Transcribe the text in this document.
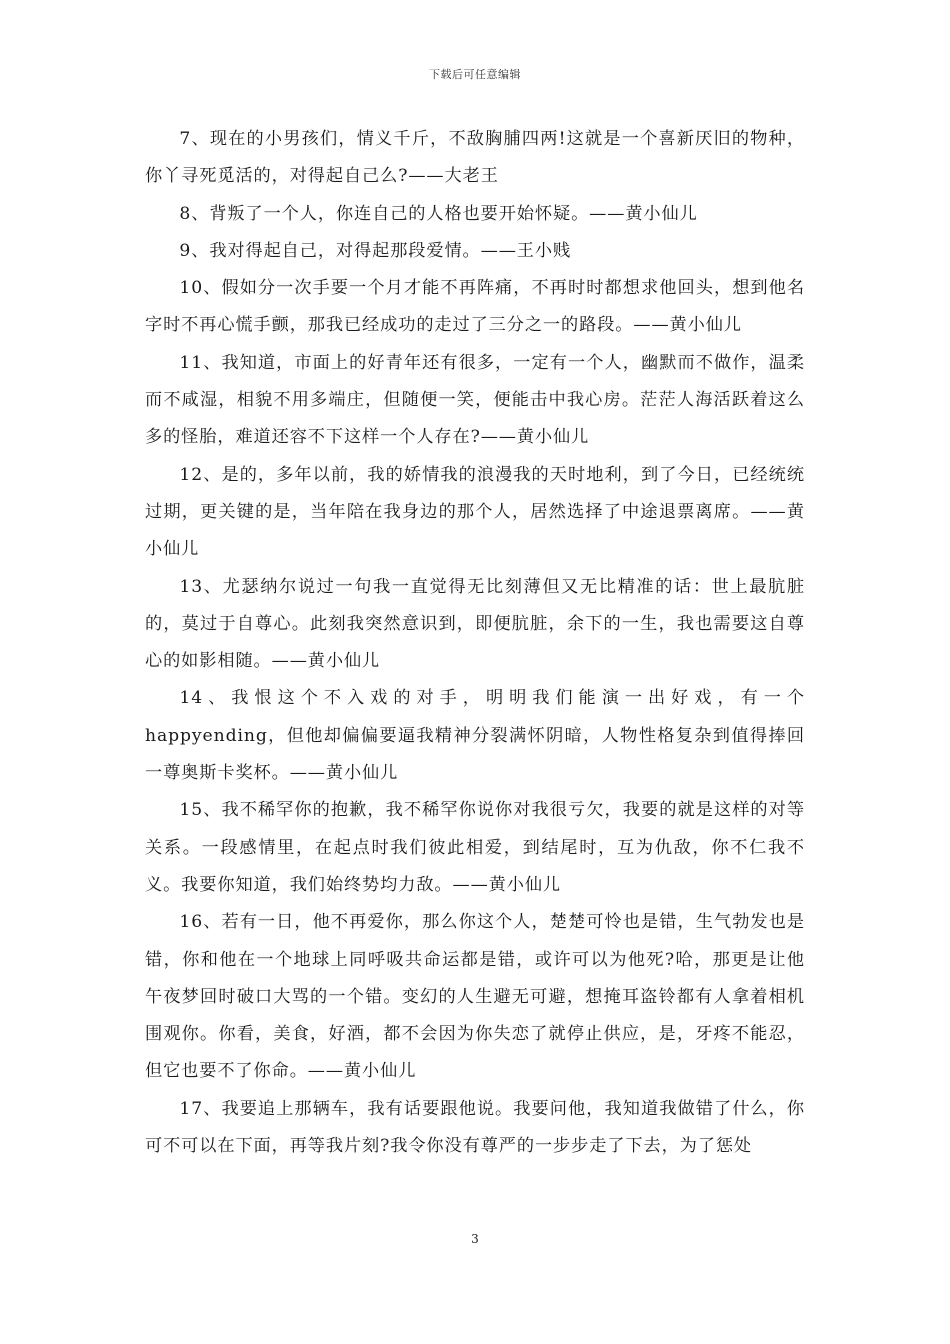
下载后可任意编辑

7、现在的小男孩们，情义千斤，不敌胸脯四两!这就是一个喜新厌旧的物种，你丫寻死觅活的，对得起自己么?——大老王

8、背叛了一个人，你连自己的人格也要开始怀疑。——黄小仙儿

9、我对得起自己，对得起那段爱情。——王小贱

10、假如分一次手要一个月才能不再阵痛，不再时时都想求他回头，想到他名字时不再心慌手颤，那我已经成功的走过了三分之一的路段。——黄小仙儿

11、我知道，市面上的好青年还有很多，一定有一个人，幽默而不做作，温柔而不咸湿，相貌不用多端庄，但随便一笑，便能击中我心房。茫茫人海活跃着这么多的怪胎，难道还容不下这样一个人存在?——黄小仙儿

12、是的，多年以前，我的娇情我的浪漫我的天时地利，到了今日，已经统统过期，更关键的是，当年陪在我身边的那个人，居然选择了中途退票离席。——黄小仙儿

13、尤瑟纳尔说过一句我一直觉得无比刻薄但又无比精准的话：世上最肮脏的，莫过于自尊心。此刻我突然意识到，即便肮脏，余下的一生，我也需要这自尊心的如影相随。——黄小仙儿

14、我恨这个不入戏的对手，明明我们能演一出好戏，有一个happyending，但他却偏偏要逼我精神分裂满怀阴暗，人物性格复杂到值得捧回一尊奥斯卡奖杯。——黄小仙儿

15、我不稀罕你的抱歉，我不稀罕你说你对我很亏欠，我要的就是这样的对等关系。一段感情里，在起点时我们彼此相爱，到结尾时，互为仇敌，你不仁我不义。我要你知道，我们始终势均力敌。——黄小仙儿

16、若有一日，他不再爱你，那么你这个人，楚楚可怜也是错，生气勃发也是错，你和他在一个地球上同呼吸共命运都是错，或许可以为他死?哈，那更是让他午夜梦回时破口大骂的一个错。变幻的人生避无可避，想掩耳盗铃都有人拿着相机围观你。你看，美食，好酒，都不会因为你失恋了就停止供应，是，牙疼不能忍，但它也要不了你命。——黄小仙儿

17、我要追上那辆车，我有话要跟他说。我要问他，我知道我做错了什么，你可不可以在下面，再等我片刻?我令你没有尊严的一步步走了下去，为了惩处

3
